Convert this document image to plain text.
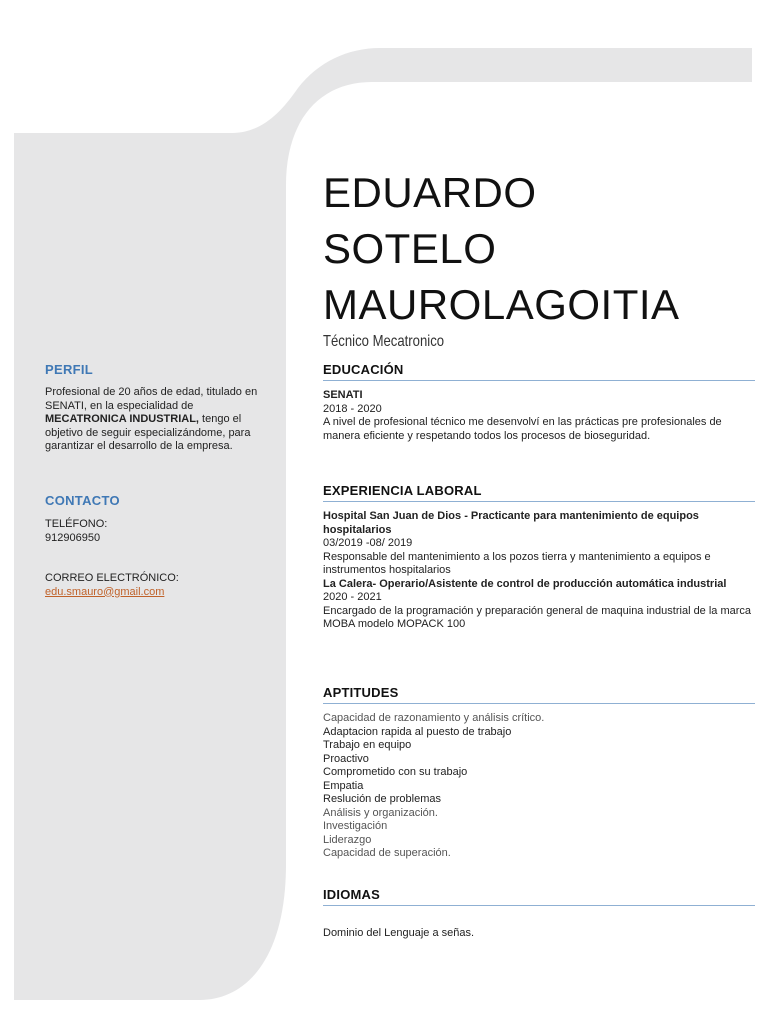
EDUARDO
SOTELO
MAUROLAGOITIA
Técnico Mecatronico
PERFIL
Profesional de 20 años de edad, titulado en SENATI, en la especialidad de MECATRONICA INDUSTRIAL, tengo el objetivo de seguir especializándome, para garantizar el desarrollo de la empresa.
CONTACTO
TELÉFONO:
912906950
CORREO ELECTRÓNICO:
edu.smauro@gmail.com
EDUCACIÓN
SENATI
2018 - 2020
A nivel de profesional técnico me desenvolví en las prácticas pre profesionales de manera eficiente y respetando todos los procesos de bioseguridad.
EXPERIENCIA LABORAL
Hospital San Juan de Dios - Practicante para mantenimiento de equipos hospitalarios
03/2019 -08/ 2019
Responsable del mantenimiento a los pozos tierra y mantenimiento a equipos e instrumentos hospitalarios
La Calera- Operario/Asistente de control de producción automática industrial
2020 - 2021
Encargado de la programación y preparación general de maquina industrial de la marca MOBA modelo MOPACK 100
APTITUDES
Capacidad de razonamiento y análisis crítico.
Adaptacion rapida al puesto de trabajo
Trabajo en equipo
Proactivo
Comprometido con su trabajo
Empatia
Reslución de problemas
Análisis y organización.
Investigación
Liderazgo
Capacidad de superación.
IDIOMAS
Dominio del Lenguaje a señas.
